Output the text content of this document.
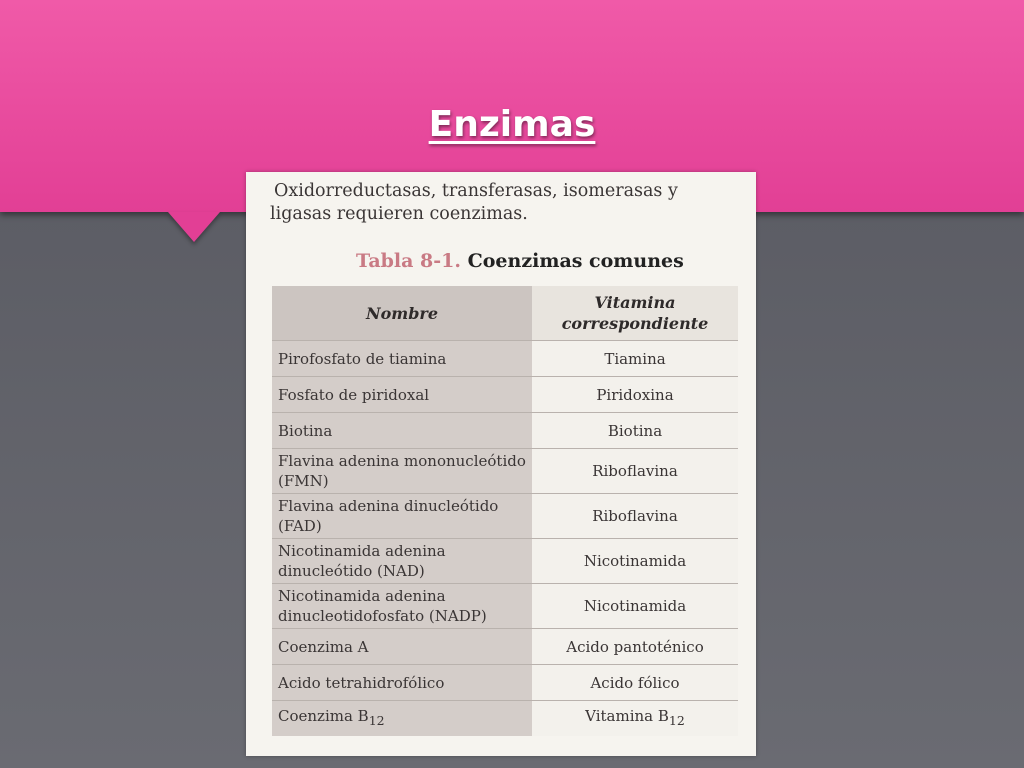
Enzimas
Oxidorreductasas, transferasas, isomerasas y
ligasas requieren coenzimas.
Tabla 8-1. Coenzimas comunes
Nombre	Vitamina
correspondiente
Pirofosfato de tiamina	Tiamina
Fosfato de piridoxal	Piridoxina
Biotina	Biotina
Flavina adenina mononucleótido (FMN)	Riboflavina
Flavina adenina dinucleótido (FAD)	Riboflavina
Nicotinamida adenina dinucleótido (NAD)	Nicotinamida
Nicotinamida adenina dinucleotidofosfato (NADP)	Nicotinamida
Coenzima A	Acido pantoténico
Acido tetrahidrofólico	Acido fólico
Coenzima $B_{12}$	Vitamina $B_{12}$
